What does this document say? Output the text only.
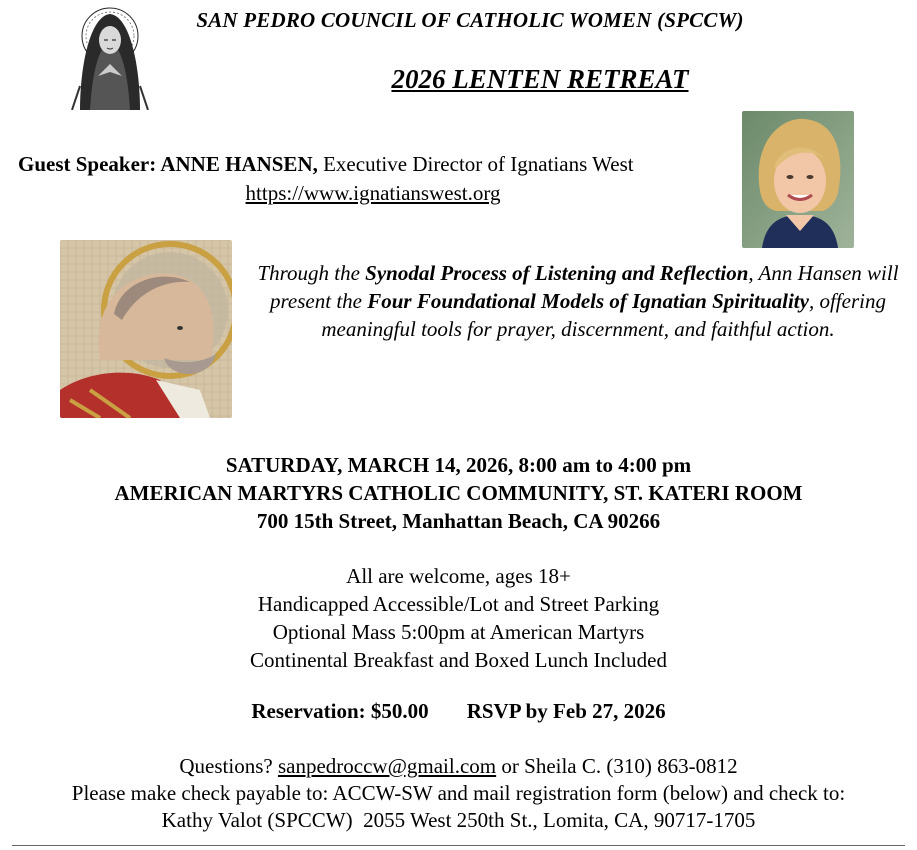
SAN PEDRO COUNCIL OF CATHOLIC WOMEN (SPCCW)
2026 LENTEN RETREAT
Guest Speaker: ANNE HANSEN, Executive Director of Ignatians West
https://www.ignatianswest.org
Through the Synodal Process of Listening and Reflection, Ann Hansen will present the Four Foundational Models of Ignatian Spirituality, offering meaningful tools for prayer, discernment, and faithful action.
SATURDAY, MARCH 14, 2026, 8:00 am to 4:00 pm
AMERICAN MARTYRS CATHOLIC COMMUNITY, ST. KATERI ROOM
700 15th Street, Manhattan Beach, CA 90266
All are welcome, ages 18+
Handicapped Accessible/Lot and Street Parking
Optional Mass 5:00pm at American Martyrs
Continental Breakfast and Boxed Lunch Included
Reservation: $50.00 RSVP by Feb 27, 2026
Questions? sanpedroccw@gmail.com or Sheila C. (310) 863-0812
Please make check payable to: ACCW-SW and mail registration form (below) and check to:
Kathy Valot (SPCCW)  2055 West 250th St., Lomita, CA, 90717-1705
